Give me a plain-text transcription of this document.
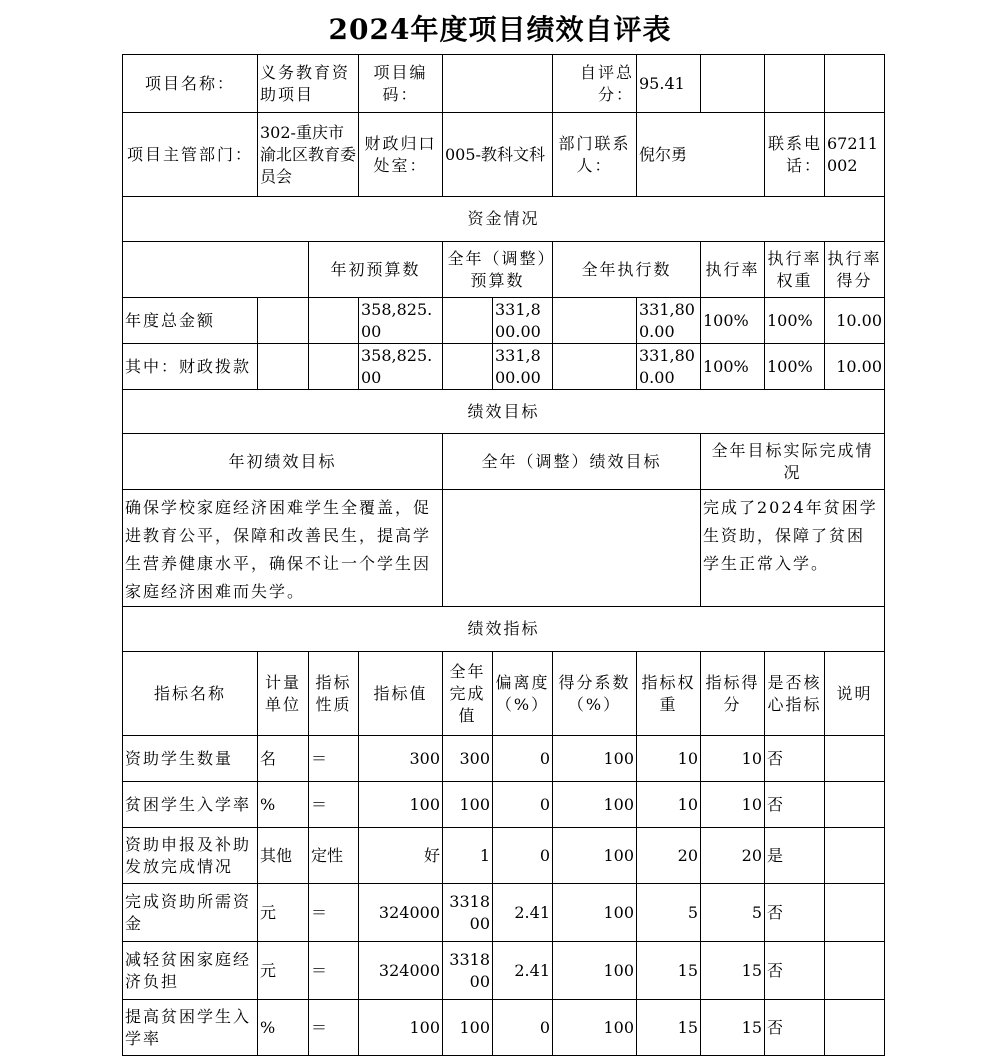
2024年度项目绩效自评表
项目名称：	义务教育资助项目		项目编码：			自评总分：	95.41			
项目主管部门：	302-重庆市渝北区教育委员会		财政归口处室：	005-教科文科		部门联系人：	倪尔勇		联系电话：	67211002
资金情况										
		年初预算数		全年（调整）预算数		全年执行数		执行率	执行率权重	执行率得分
年度总金额			358,825.00		331,800.00		331,800.00	100%	100%	10.00
其中：财政拨款			358,825.00		331,800.00		331,800.00	100%	100%	10.00
绩效目标										
年初绩效目标				全年（调整）绩效目标				全年目标实际完成情况		
确保学校家庭经济困难学生全覆盖，促进教育公平，保障和改善民生，提高学生营养健康水平，确保不让一个学生因家庭经济困难而失学。								完成了2024年贫困学生资助，保障了贫困学生正常入学。		
绩效指标										
指标名称	计量单位	指标性质	指标值	全年完成值	偏离度（%）	得分系数（%）	指标权重	指标得分	是否核心指标	说明
资助学生数量	名	＝	300	300	0	100	10	10	否	
贫困学生入学率	%	＝	100	100	0	100	10	10	否	
资助申报及补助发放完成情况	其他	定性	好	1	0	100	20	20	是	
完成资助所需资金	元	＝	324000	331800	2.41	100	5	5	否	
减轻贫困家庭经济负担	元	＝	324000	331800	2.41	100	15	15	否	
提高贫困学生入学率	%	＝	100	100	0	100	15	15	否	
